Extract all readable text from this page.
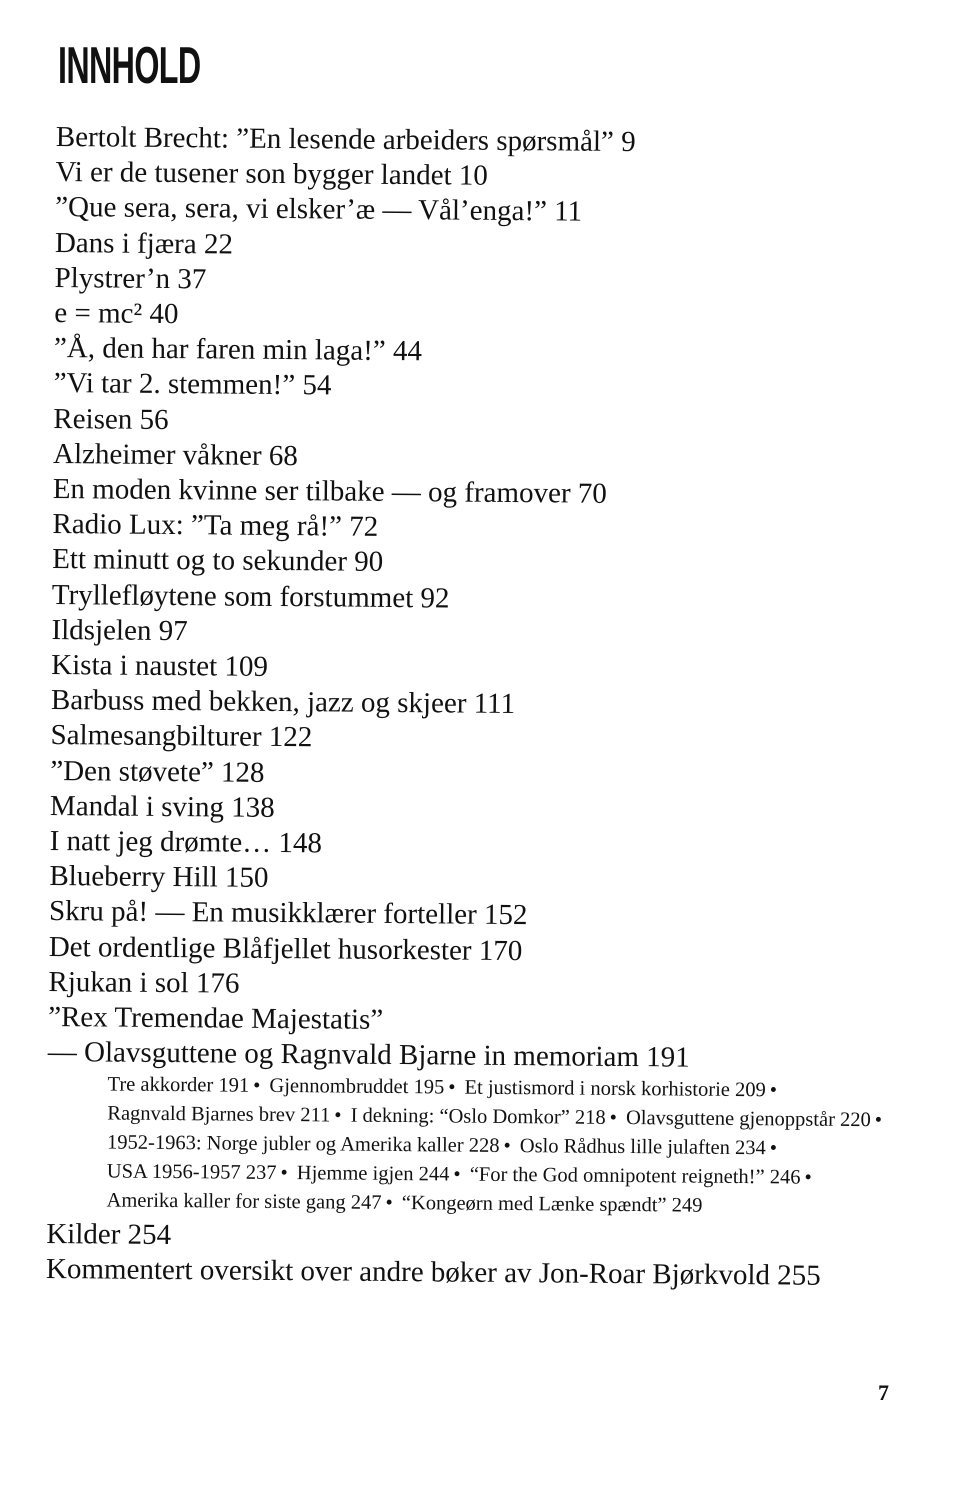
INNHOLD
Bertolt Brecht: ”En lesende arbeiders spørsmål” 9
Vi er de tusener son bygger landet 10
”Que sera, sera, vi elsker’æ — Vål’enga!” 11
Dans i fjæra 22
Plystrer’n 37
e = mc² 40
”Å, den har faren min laga!” 44
”Vi tar 2. stemmen!” 54
Reisen 56
Alzheimer våkner 68
En moden kvinne ser tilbake — og framover 70
Radio Lux: ”Ta meg rå!” 72
Ett minutt og to sekunder 90
Tryllefløytene som forstummet 92
Ildsjelen 97
Kista i naustet 109
Barbuss med bekken, jazz og skjeer 111
Salmesangbilturer 122
”Den støvete” 128
Mandal i sving 138
I natt jeg drømte… 148
Blueberry Hill 150
Skru på! — En musikklærer forteller 152
Det ordentlige Blåfjellet husorkester 170
Rjukan i sol 176
”Rex Tremendae Majestatis”
— Olavsguttene og Ragnvald Bjarne in memoriam 191
Tre akkorder 191 • Gjennombruddet 195 • Et justismord i norsk korhistorie 209 • Ragnvald Bjarnes brev 211 • I dekning: “Oslo Domkor” 218 • Olavsguttene gjenoppstår 220 • 1952-1963: Norge jubler og Amerika kaller 228 • Oslo Rådhus lille julaften 234 • USA 1956-1957 237 • Hjemme igjen 244 • “For the God omnipotent reigneth!” 246 • Amerika kaller for siste gang 247 • “Kongeørn med Lænke spændt” 249
Kilder 254
Kommentert oversikt over andre bøker av Jon-Roar Bjørkvold 255
7
